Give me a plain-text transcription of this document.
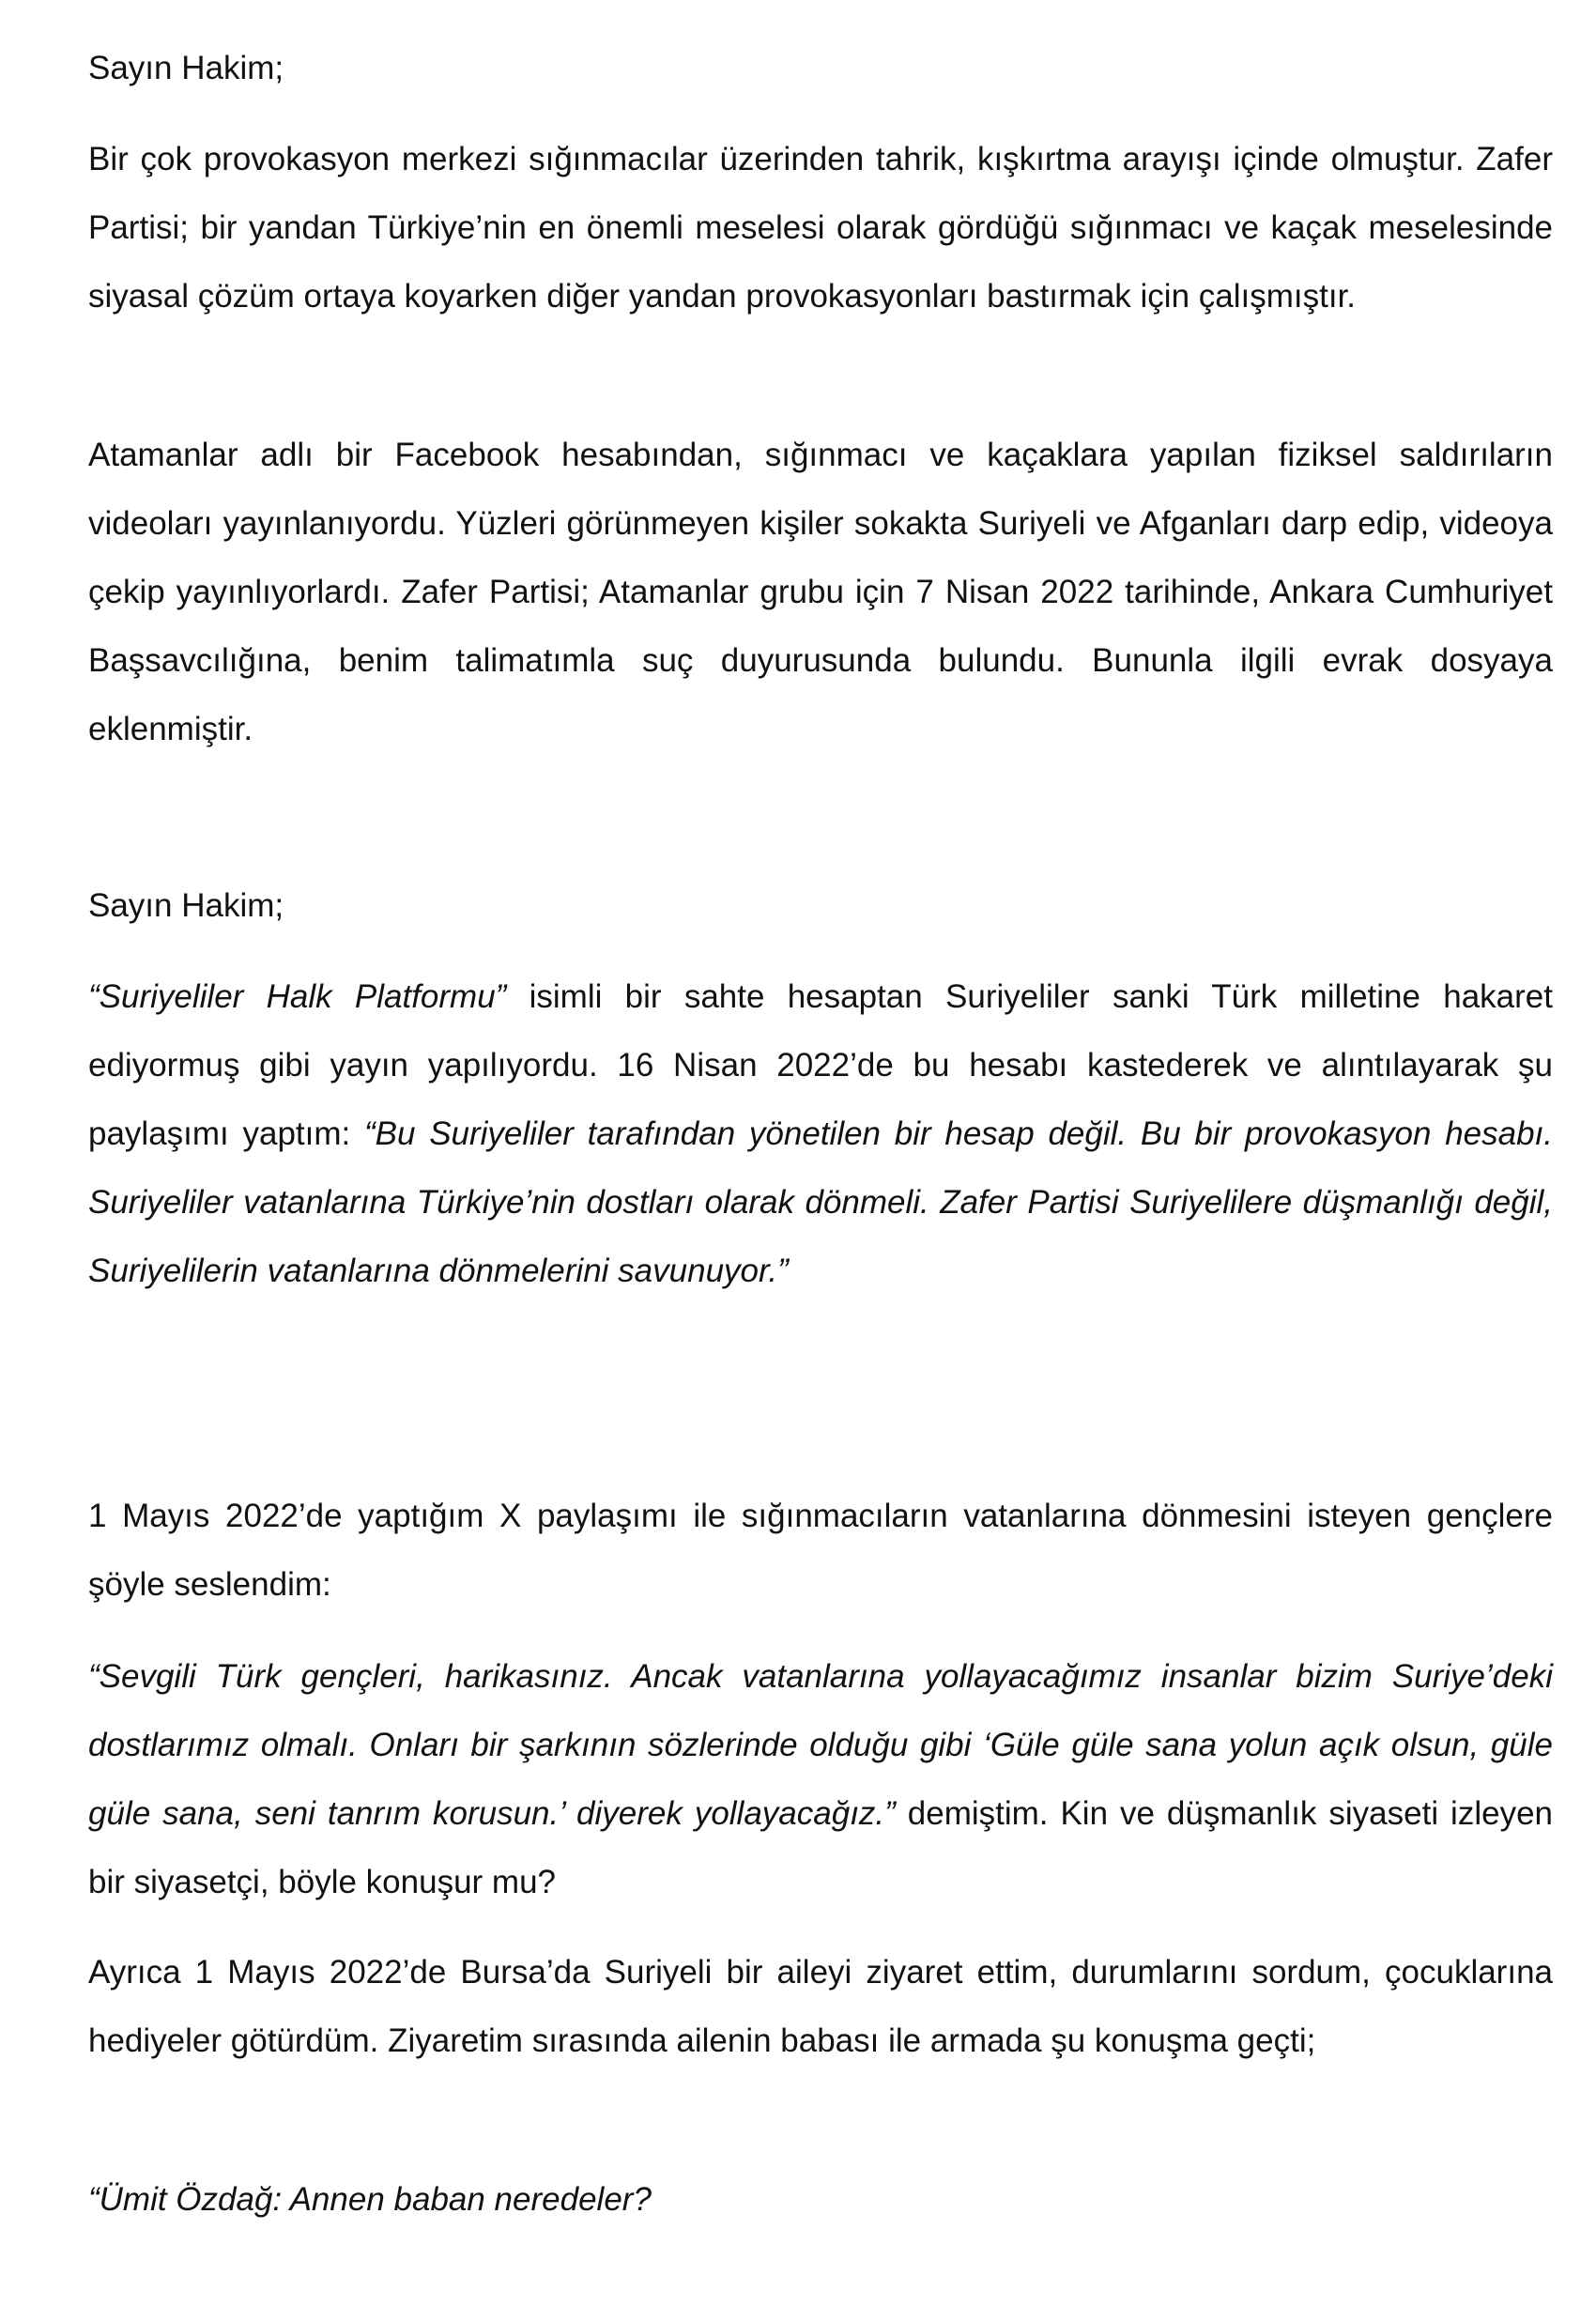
Sayın Hakim;

Bir çok provokasyon merkezi sığınmacılar üzerinden tahrik, kışkırtma arayışı içinde olmuştur. Zafer Partisi; bir yandan Türkiye’nin en önemli meselesi olarak gördüğü sığınmacı ve kaçak meselesinde siyasal çözüm ortaya koyarken diğer yandan provokasyonları bastırmak için çalışmıştır.

Atamanlar adlı bir Facebook hesabından, sığınmacı ve kaçaklara yapılan fiziksel saldırıların videoları yayınlanıyordu. Yüzleri görünmeyen kişiler sokakta Suriyeli ve Afganları darp edip, videoya çekip yayınlıyorlardı. Zafer Partisi; Atamanlar grubu için 7 Nisan 2022 tarihinde, Ankara Cumhuriyet Başsavcılığına, benim talimatımla suç duyurusunda bulundu. Bununla ilgili evrak dosyaya eklenmiştir.

Sayın Hakim;

“Suriyeliler Halk Platformu” isimli bir sahte hesaptan Suriyeliler sanki Türk milletine hakaret ediyormuş gibi yayın yapılıyordu. 16 Nisan 2022’de bu hesabı kastederek ve alıntılayarak şu paylaşımı yaptım: “Bu Suriyeliler tarafından yönetilen bir hesap değil. Bu bir provokasyon hesabı. Suriyeliler vatanlarına Türkiye’nin dostları olarak dönmeli. Zafer Partisi Suriyelilere düşmanlığı değil, Suriyelilerin vatanlarına dönmelerini savunuyor.”

1 Mayıs 2022’de yaptığım X paylaşımı ile sığınmacıların vatanlarına dönmesini isteyen gençlere şöyle seslendim:

“Sevgili Türk gençleri, harikasınız. Ancak vatanlarına yollayacağımız insanlar bizim Suriye’deki dostlarımız olmalı. Onları bir şarkının sözlerinde olduğu gibi ‘Güle güle sana yolun açık olsun, güle güle sana, seni tanrım korusun.’ diyerek yollayacağız.” demiştim. Kin ve düşmanlık siyaseti izleyen bir siyasetçi, böyle konuşur mu?

Ayrıca 1 Mayıs 2022’de Bursa’da Suriyeli bir aileyi ziyaret ettim, durumlarını sordum, çocuklarına hediyeler götürdüm. Ziyaretim sırasında ailenin babası ile armada şu konuşma geçti;

“Ümit Özdağ: Annen baban neredeler?
